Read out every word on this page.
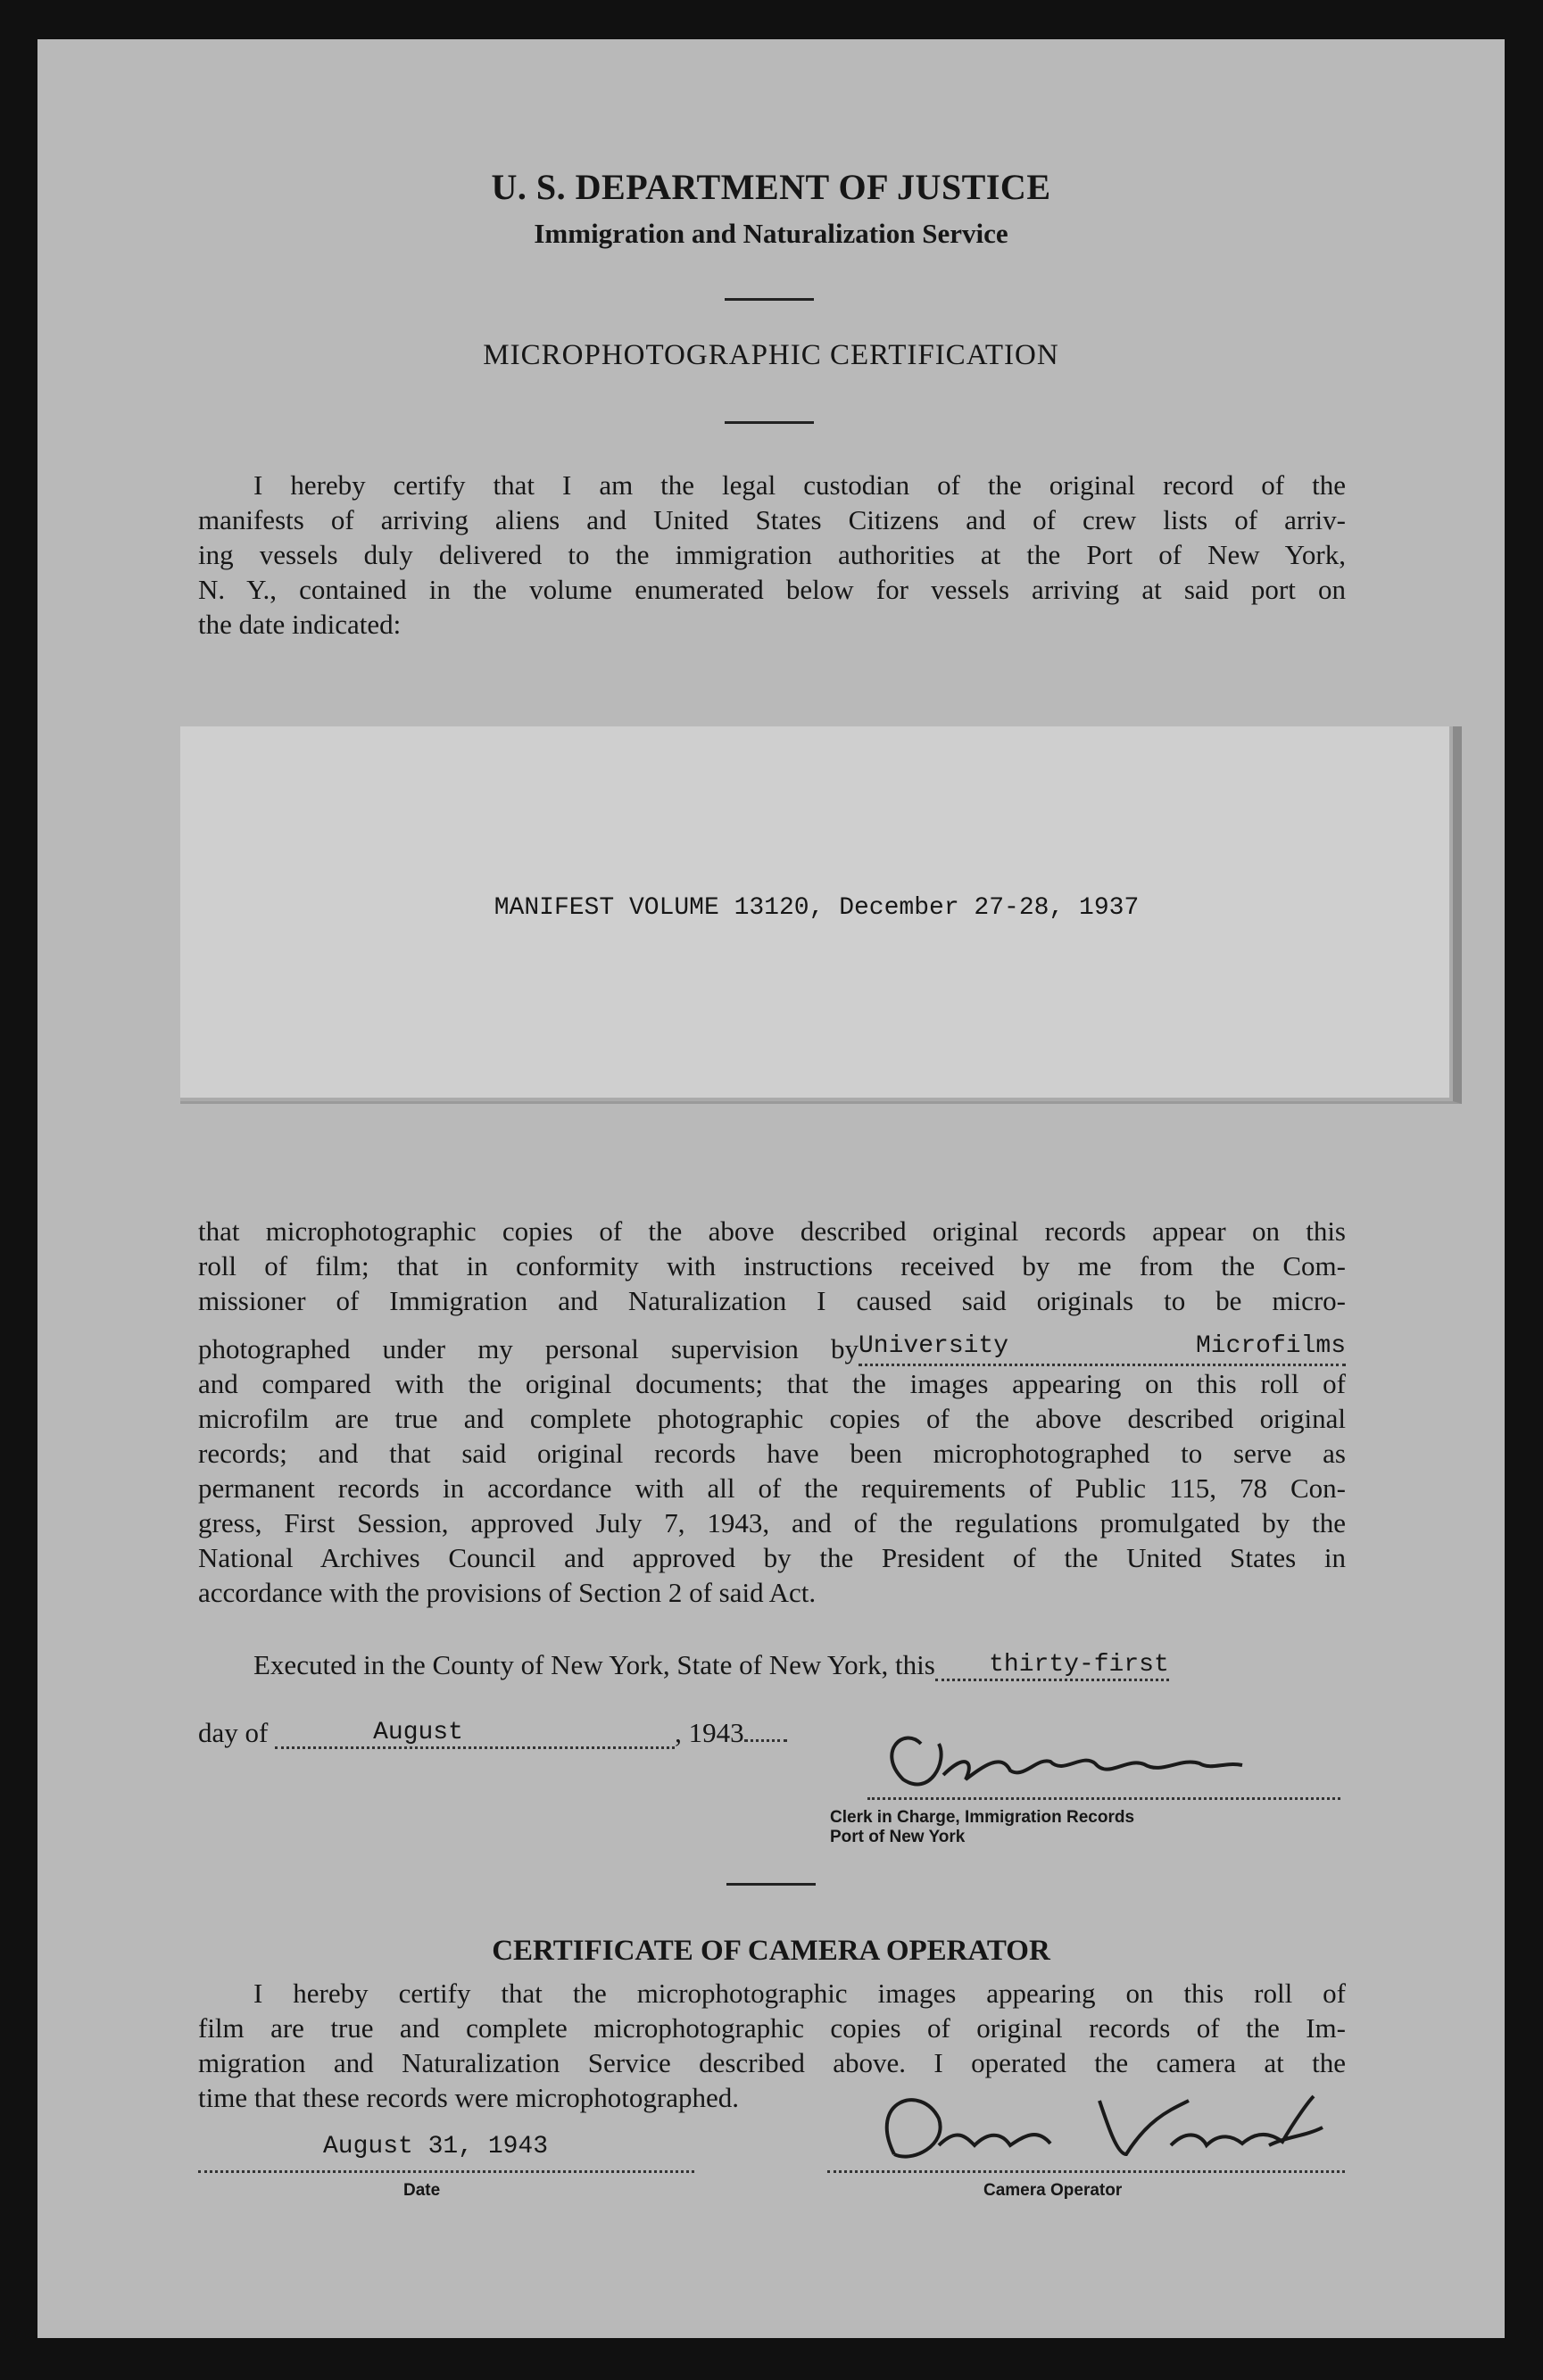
U. S. DEPARTMENT OF JUSTICE
Immigration and Naturalization Service
MICROPHOTOGRAPHIC CERTIFICATION
I hereby certify that I am the legal custodian of the original record of the
manifests of arriving aliens and United States Citizens and of crew lists of arriv-
ing vessels duly delivered to the immigration authorities at the Port of New York,
N. Y., contained in the volume enumerated below for vessels arriving at said port on
the date indicated:
MANIFEST VOLUME 13120, December 27-28, 1937
that microphotographic copies of the above described original records appear on this
roll of film; that in conformity with instructions received by me from the Com-
missioner of Immigration and Naturalization I caused said originals to be micro-
photographed under my personal supervision byUniversity Microfilms
and compared with the original documents; that the images appearing on this roll of
microfilm are true and complete photographic copies of the above described original
records; and that said original records have been microphotographed to serve as
permanent records in accordance with all of the requirements of Public 115, 78 Con-
gress, First Session, approved July 7, 1943, and of the regulations promulgated by the
National Archives Council and approved by the President of the United States in
accordance with the provisions of Section 2 of said Act.
Executed in the County of New York, State of New York, this thirty-first
day of	August	, 1943
Clerk in Charge, Immigration Records
Port of New York
CERTIFICATE OF CAMERA OPERATOR
I hereby certify that the microphotographic images appearing on this roll of
film are true and complete microphotographic copies of original records of the Im-
migration and Naturalization Service described above. I operated the camera at the
time that these records were microphotographed.
August 31, 1943
Date	Camera Operator
